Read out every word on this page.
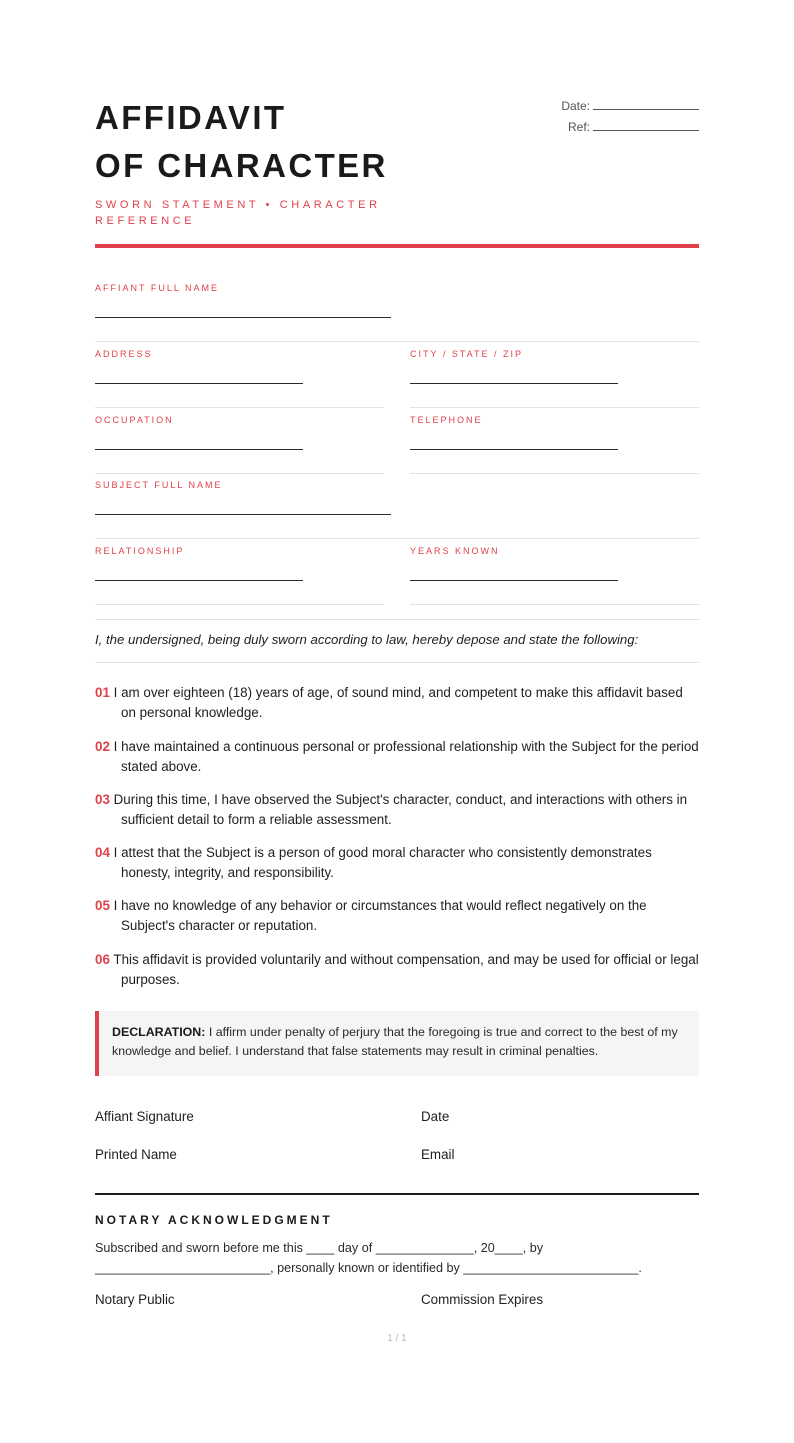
AFFIDAVIT
OF CHARACTER
SWORN STATEMENT • CHARACTER REFERENCE
Date:
Ref:
AFFIANT FULL NAME
ADDRESS	CITY / STATE / ZIP
OCCUPATION	TELEPHONE
SUBJECT FULL NAME
RELATIONSHIP	YEARS KNOWN
I, the undersigned, being duly sworn according to law, hereby depose and state the following:
01 I am over eighteen (18) years of age, of sound mind, and competent to make this affidavit based on personal knowledge.
02 I have maintained a continuous personal or professional relationship with the Subject for the period stated above.
03 During this time, I have observed the Subject's character, conduct, and interactions with others in sufficient detail to form a reliable assessment.
04 I attest that the Subject is a person of good moral character who consistently demonstrates honesty, integrity, and responsibility.
05 I have no knowledge of any behavior or circumstances that would reflect negatively on the Subject's character or reputation.
06 This affidavit is provided voluntarily and without compensation, and may be used for official or legal purposes.
DECLARATION: I affirm under penalty of perjury that the foregoing is true and correct to the best of my knowledge and belief. I understand that false statements may result in criminal penalties.
Affiant Signature	Date
Printed Name	Email
NOTARY ACKNOWLEDGMENT
Subscribed and sworn before me this ____ day of ______________, 20____, by _________________________, personally known or identified by _________________________.
Notary Public	Commission Expires
1 / 1
